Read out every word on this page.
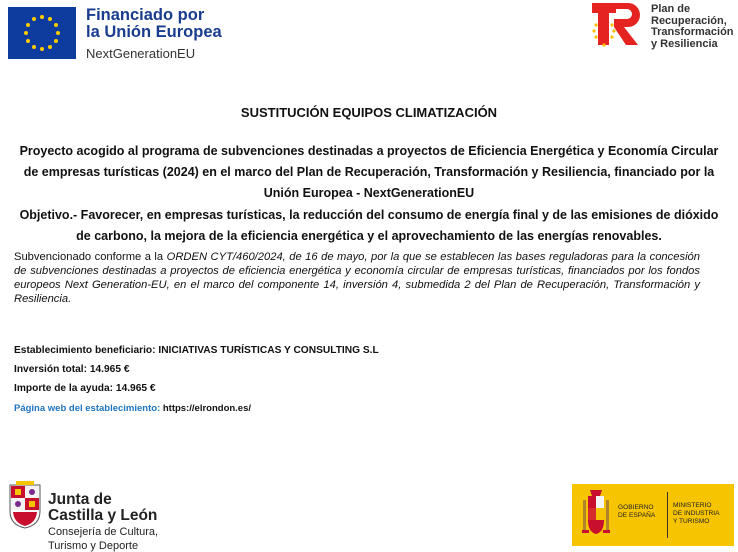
Financiado por
la Unión Europea
NextGenerationEU
Plan de
Recuperación,
Transformación
y Resiliencia
SUSTITUCIÓN EQUIPOS CLIMATIZACIÓN
Proyecto acogido al programa de subvenciones destinadas a proyectos de Eficiencia Energética y Economía Circular de empresas turísticas (2024) en el marco del Plan de Recuperación, Transformación y Resiliencia, financiado por la Unión Europea - NextGenerationEU
Objetivo.- Favorecer, en empresas turísticas, la reducción del consumo de energía final y de las emisiones de dióxido de carbono, la mejora de la eficiencia energética y el aprovechamiento de las energías renovables.
Subvencionado conforme a la ORDEN CYT/460/2024, de 16 de mayo, por la que se establecen las bases reguladoras para la concesión de subvenciones destinadas a proyectos de eficiencia energética y economía circular de empresas turísticas, financiados por los fondos europeos Next Generation-EU, en el marco del componente 14, inversión 4, submedida 2 del Plan de Recuperación, Transformación y Resiliencia.
Establecimiento beneficiario: INICIATIVAS TURÍSTICAS Y CONSULTING S.L
Inversión total: 14.965 €
Importe de la ayuda: 14.965 €
Página web del establecimiento: https://elrondon.es/
Junta de
Castilla y León
Consejería de Cultura,
Turismo y Deporte
GOBIERNO
DE ESPAÑA
MINISTERIO
DE INDUSTRIA
Y TURISMO
